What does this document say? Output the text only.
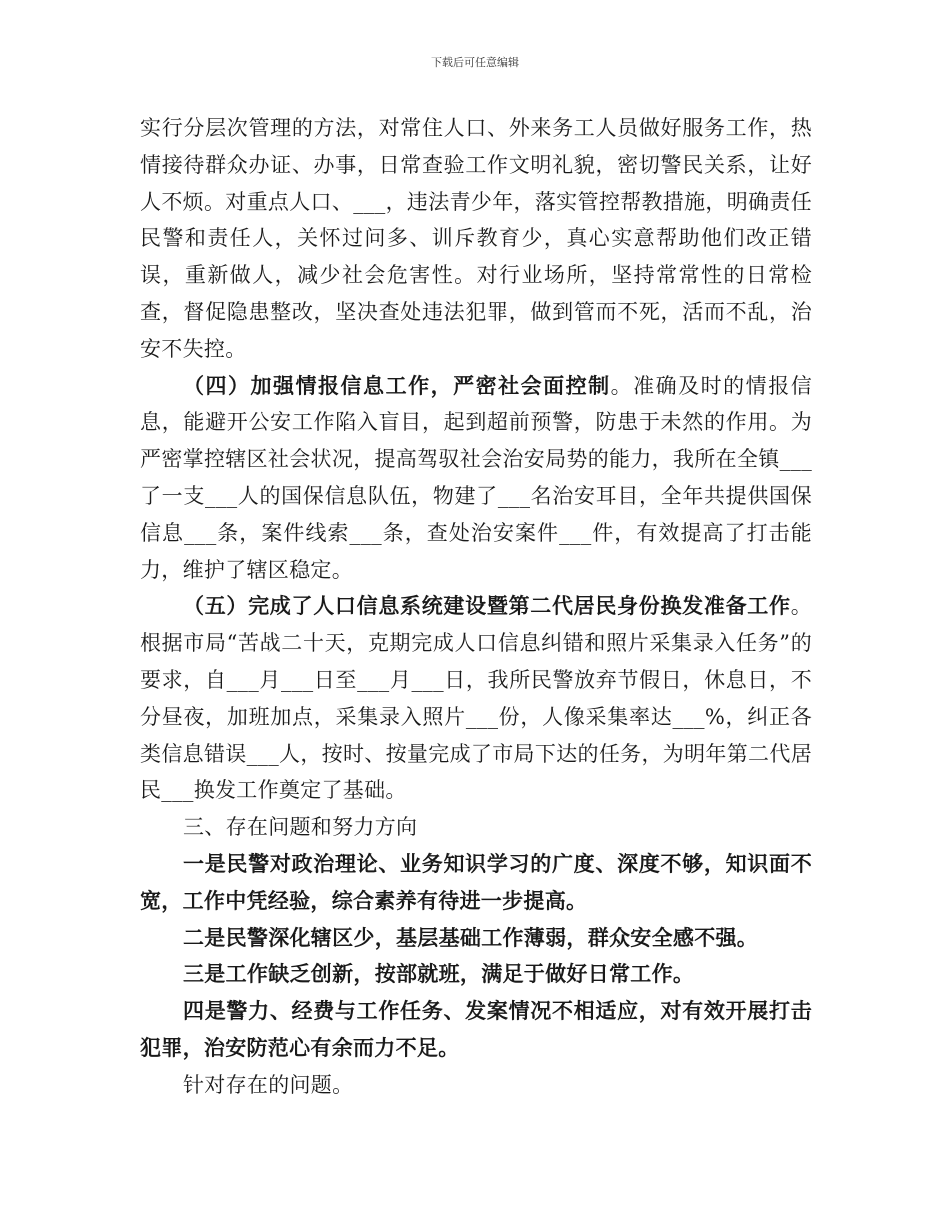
下载后可任意编辑

实行分层次管理的方法，对常住人口、外来务工人员做好服务工作，热情接待群众办证、办事，日常查验工作文明礼貌，密切警民关系，让好人不烦。对重点人口、___，违法青少年，落实管控帮教措施，明确责任民警和责任人，关怀过问多、训斥教育少，真心实意帮助他们改正错误，重新做人，减少社会危害性。对行业场所，坚持常常性的日常检查，督促隐患整改，坚决查处违法犯罪，做到管而不死，活而不乱，治安不失控。

（四）加强情报信息工作，严密社会面控制。准确及时的情报信息，能避开公安工作陷入盲目，起到超前预警，防患于未然的作用。为严密掌控辖区社会状况，提高驾驭社会治安局势的能力，我所在全镇___了一支___人的国保信息队伍，物建了___名治安耳目，全年共提供国保信息___条，案件线索___条，查处治安案件___件，有效提高了打击能力，维护了辖区稳定。

（五）完成了人口信息系统建设暨第二代居民身份换发准备工作。根据市局“苦战二十天，克期完成人口信息纠错和照片采集录入任务”的要求，自___月___日至___月___日，我所民警放弃节假日，休息日，不分昼夜，加班加点，采集录入照片___份，人像采集率达___%，纠正各类信息错误___人，按时、按量完成了市局下达的任务，为明年第二代居民___换发工作奠定了基础。

三、存在问题和努力方向

一是民警对政治理论、业务知识学习的广度、深度不够，知识面不宽，工作中凭经验，综合素养有待进一步提高。

二是民警深化辖区少，基层基础工作薄弱，群众安全感不强。

三是工作缺乏创新，按部就班，满足于做好日常工作。

四是警力、经费与工作任务、发案情况不相适应，对有效开展打击犯罪，治安防范心有余而力不足。

针对存在的问题。
